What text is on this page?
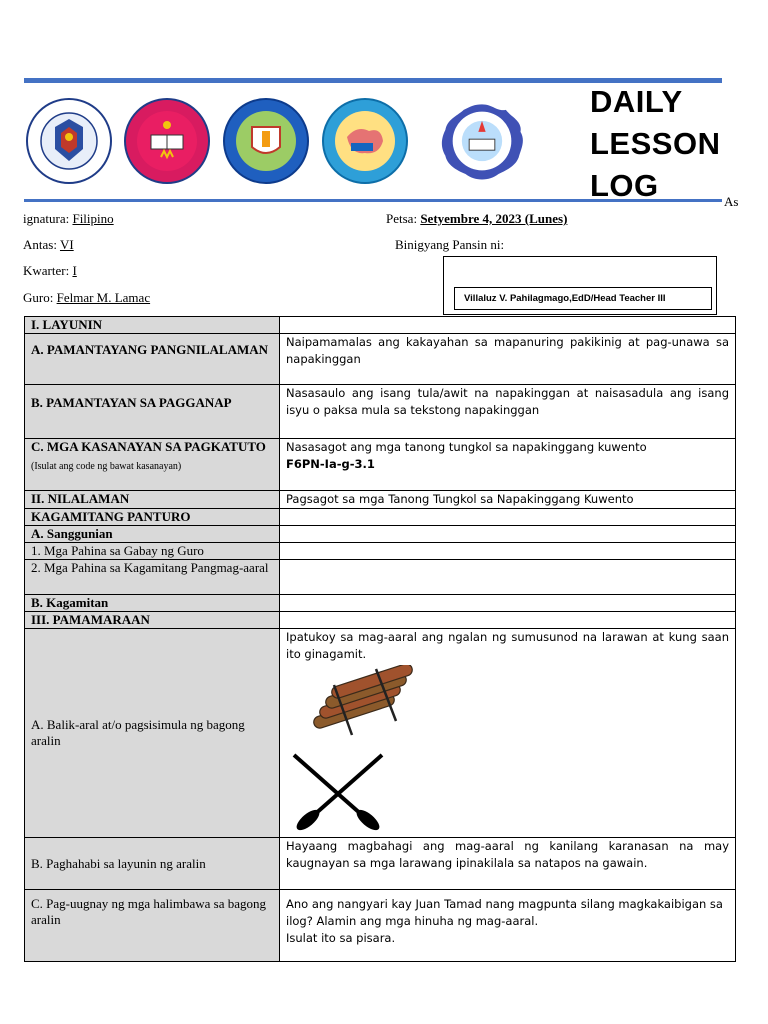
DAILY
LESSON
LOG	As
ignatura: Filipino	Petsa: Setyembre 4, 2023 (Lunes)
Antas: VI	Binigyang Pansin ni:
Kwarter: I
Guro: Felmar M. Lamac	Villaluz V. Pahilagmago,EdD/Head Teacher III
I. LAYUNIN	
A. PAMANTAYANG PANGNILALAMAN	Naipamamalas ang kakayahan sa mapanuring pakikinig at pag-unawa sa napakinggan
B. PAMANTAYAN SA PAGGANAP	Nasasaulo ang isang tula/awit na napakinggan at naisasadula ang isang isyu o paksa mula sa tekstong napakinggan
C. MGA KASANAYAN SA PAGKATUTO (Isulat ang code ng bawat kasanayan)	Nasasagot ang mga tanong tungkol sa napakinggang kuwento
F6PN-Ia-g-3.1

II. NILALAMAN	Pagsagot sa mga Tanong Tungkol sa Napakinggang Kuwento
KAGAMITANG PANTURO	
A. Sanggunian	
1. Mga Pahina sa Gabay ng Guro	
2. Mga Pahina sa Kagamitang Pangmag-aaral	
B. Kagamitan	
III. PAMAMARAAN	
A. Balik-aral at/o pagsisimula ng bagong aralin	Ipatukoy sa mag-aaral ang ngalan ng sumusunod na larawan at kung saan ito ginagamit.

B. Paghahabi sa layunin ng aralin	Hayaang magbahagi ang mag-aaral ng kanilang karanasan na may kaugnayan sa mga larawang ipinakilala sa natapos na gawain.
C. Pag-uugnay ng mga halimbawa sa bagong aralin	Ano ang nangyari kay Juan Tamad nang magpunta silang magkakaibigan sa ilog? Alamin ang mga hinuha ng mag-aaral.
Isulat ito sa pisara.
